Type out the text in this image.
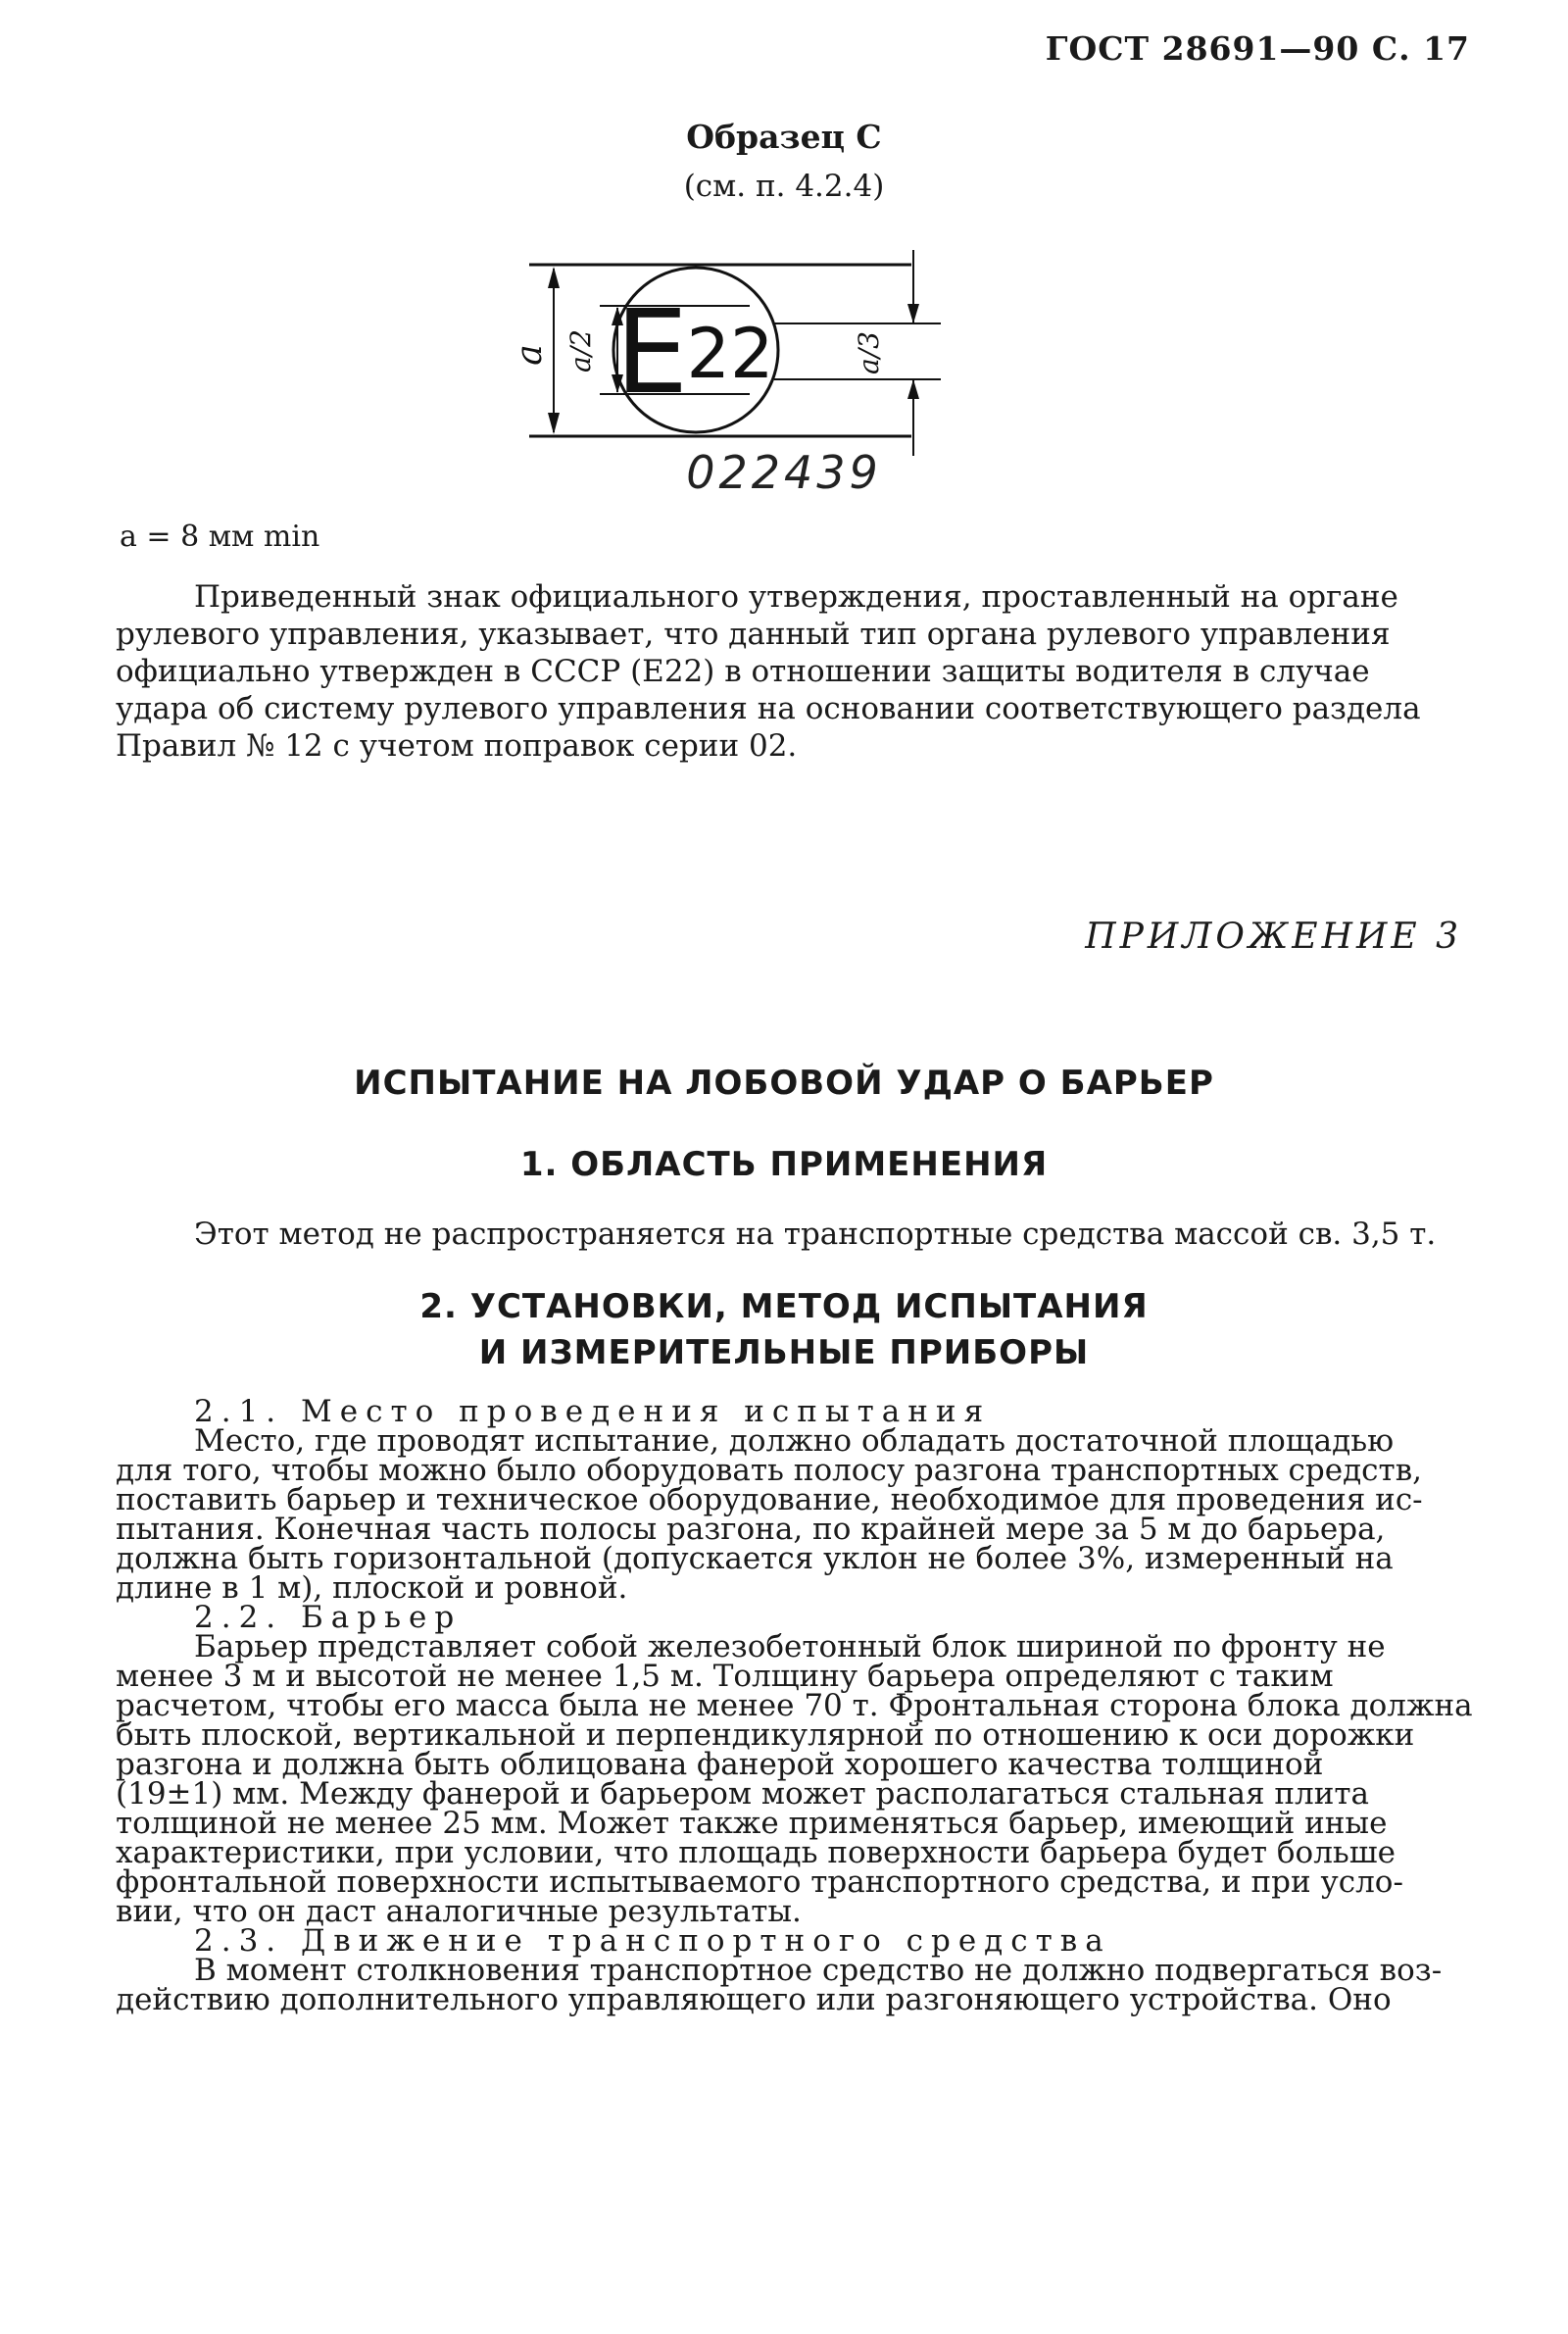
ГОСТ 28691—90 С. 17
Образец С
(см. п. 4.2.4)
a a/2 Е
22	a/3
022439
a = 8 мм min

Приведенный знак официального утверждения, проставленный на органе

рулевого управления, указывает, что данный тип органа рулевого управления

официально утвержден в СССР (Е22) в отношении защиты водителя в случае

удара об систему рулевого управления на основании соответствующего раздела

Правил № 12 с учетом поправок серии 02.

ПРИЛОЖЕНИЕ 3
ИСПЫТАНИЕ НА ЛОБОВОЙ УДАР О БАРЬЕР
1. ОБЛАСТЬ ПРИМЕНЕНИЯ
Этот метод не распространяется на транспортные средства массой св. 3,5 т.
2. УСТАНОВКИ, МЕТОД ИСПЫТАНИЯ
И ИЗМЕРИТЕЛЬНЫЕ ПРИБОРЫ

2.1. Место проведения испытания

Место, где проводят испытание, должно обладать достаточной площадью

для того, чтобы можно было оборудовать полосу разгона транспортных средств,

поставить барьер и техническое оборудование, необходимое для проведения ис-

пытания. Конечная часть полосы разгона, по крайней мере за 5 м до барьера,

должна быть горизонтальной (допускается уклон не более 3%, измеренный на

длине в 1 м), плоской и ровной.

2.2. Барьер

Барьер представляет собой железобетонный блок шириной по фронту не

менее 3 м и высотой не менее 1,5 м. Толщину барьера определяют с таким

расчетом, чтобы его масса была не менее 70 т. Фронтальная сторона блока должна

быть плоской, вертикальной и перпендикулярной по отношению к оси дорожки

разгона и должна быть облицована фанерой хорошего качества толщиной

(19±1) мм. Между фанерой и барьером может располагаться стальная плита

толщиной не менее 25 мм. Может также применяться барьер, имеющий иные

характеристики, при условии, что площадь поверхности барьера будет больше

фронтальной поверхности испытываемого транспортного средства, и при усло-

вии, что он даст аналогичные результаты.

2.3. Движение транспортного средства

В момент столкновения транспортное средство не должно подвергаться воз-

действию дополнительного управляющего или разгоняющего устройства. Оно
